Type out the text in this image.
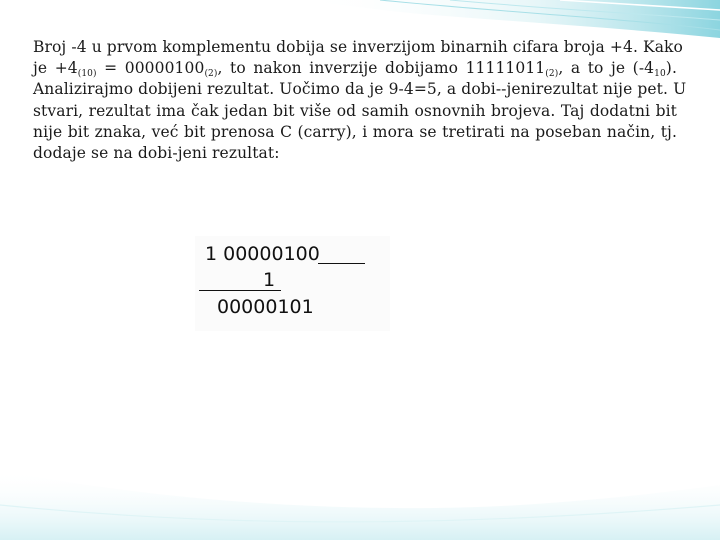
Broj -4 u prvom komplementu dobija se inverzijom binarnih cifara broja +4. Kako
je $+4_{(10)} = 00000100_{(2)}$, to nakon inverzije dobijamo $11111011_{(2)}$, a to je $(-4_{10})$.
Analizirajmo dobijeni rezultat. Uočimo da je 9-4=5, a dobi--jenirezultat nije pet. U
stvari, rezultat ima čak jedan bit više od samih osnovnih brojeva. Taj dodatni bit
nije bit znaka, već bit prenosa C (carry), i mora se tretirati na poseban način, tj.
dodaje se na dobi-jeni rezultat:
1 00000100
1
00000101
